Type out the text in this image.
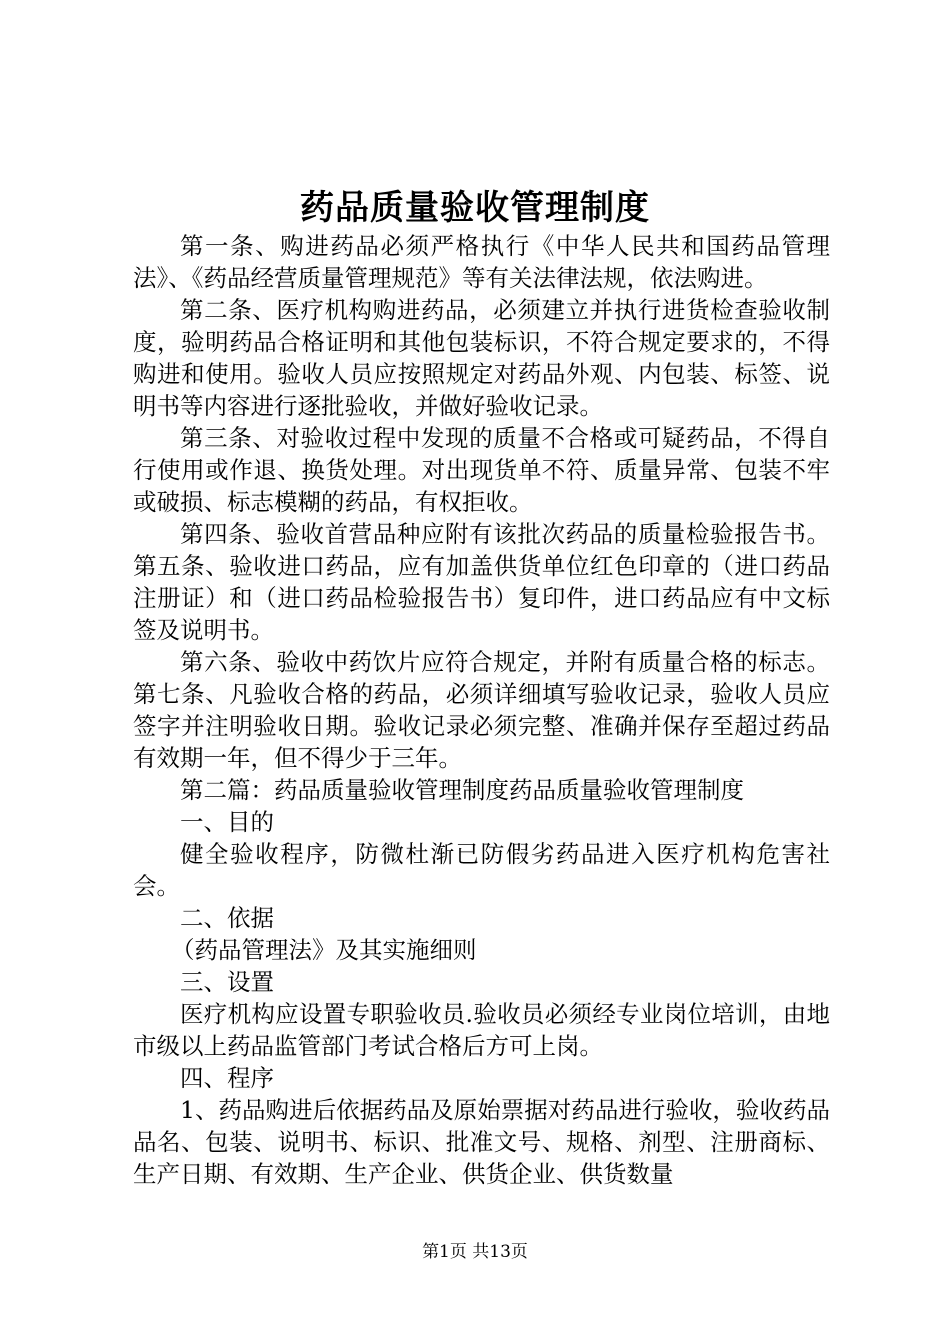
药品质量验收管理制度

第一条、购进药品必须严格执行《中华人民共和国药品管理法》、《药品经营质量管理规范》等有关法律法规，依法购进。

第二条、医疗机构购进药品，必须建立并执行进货检查验收制度，验明药品合格证明和其他包装标识，不符合规定要求的，不得购进和使用。验收人员应按照规定对药品外观、内包装、标签、说明书等内容进行逐批验收，并做好验收记录。

第三条、对验收过程中发现的质量不合格或可疑药品，不得自行使用或作退、换货处理。对出现货单不符、质量异常、包装不牢或破损、标志模糊的药品，有权拒收。

第四条、验收首营品种应附有该批次药品的质量检验报告书。第五条、验收进口药品，应有加盖供货单位红色印章的（进口药品注册证）和（进口药品检验报告书）复印件，进口药品应有中文标签及说明书。

第六条、验收中药饮片应符合规定，并附有质量合格的标志。第七条、凡验收合格的药品，必须详细填写验收记录，验收人员应签字并注明验收日期。验收记录必须完整、准确并保存至超过药品有效期一年，但不得少于三年。

第二篇：药品质量验收管理制度药品质量验收管理制度

一、目的

健全验收程序，防微杜渐已防假劣药品进入医疗机构危害社会。

二、依据

（药品管理法》及其实施细则

三、设置

医疗机构应设置专职验收员.验收员必须经专业岗位培训，由地市级以上药品监管部门考试合格后方可上岗。

四、程序

1、药品购进后依据药品及原始票据对药品进行验收，验收药品品名、包装、说明书、标识、批准文号、规格、剂型、注册商标、生产日期、有效期、生产企业、供货企业、供货数量

第1页 共13页
